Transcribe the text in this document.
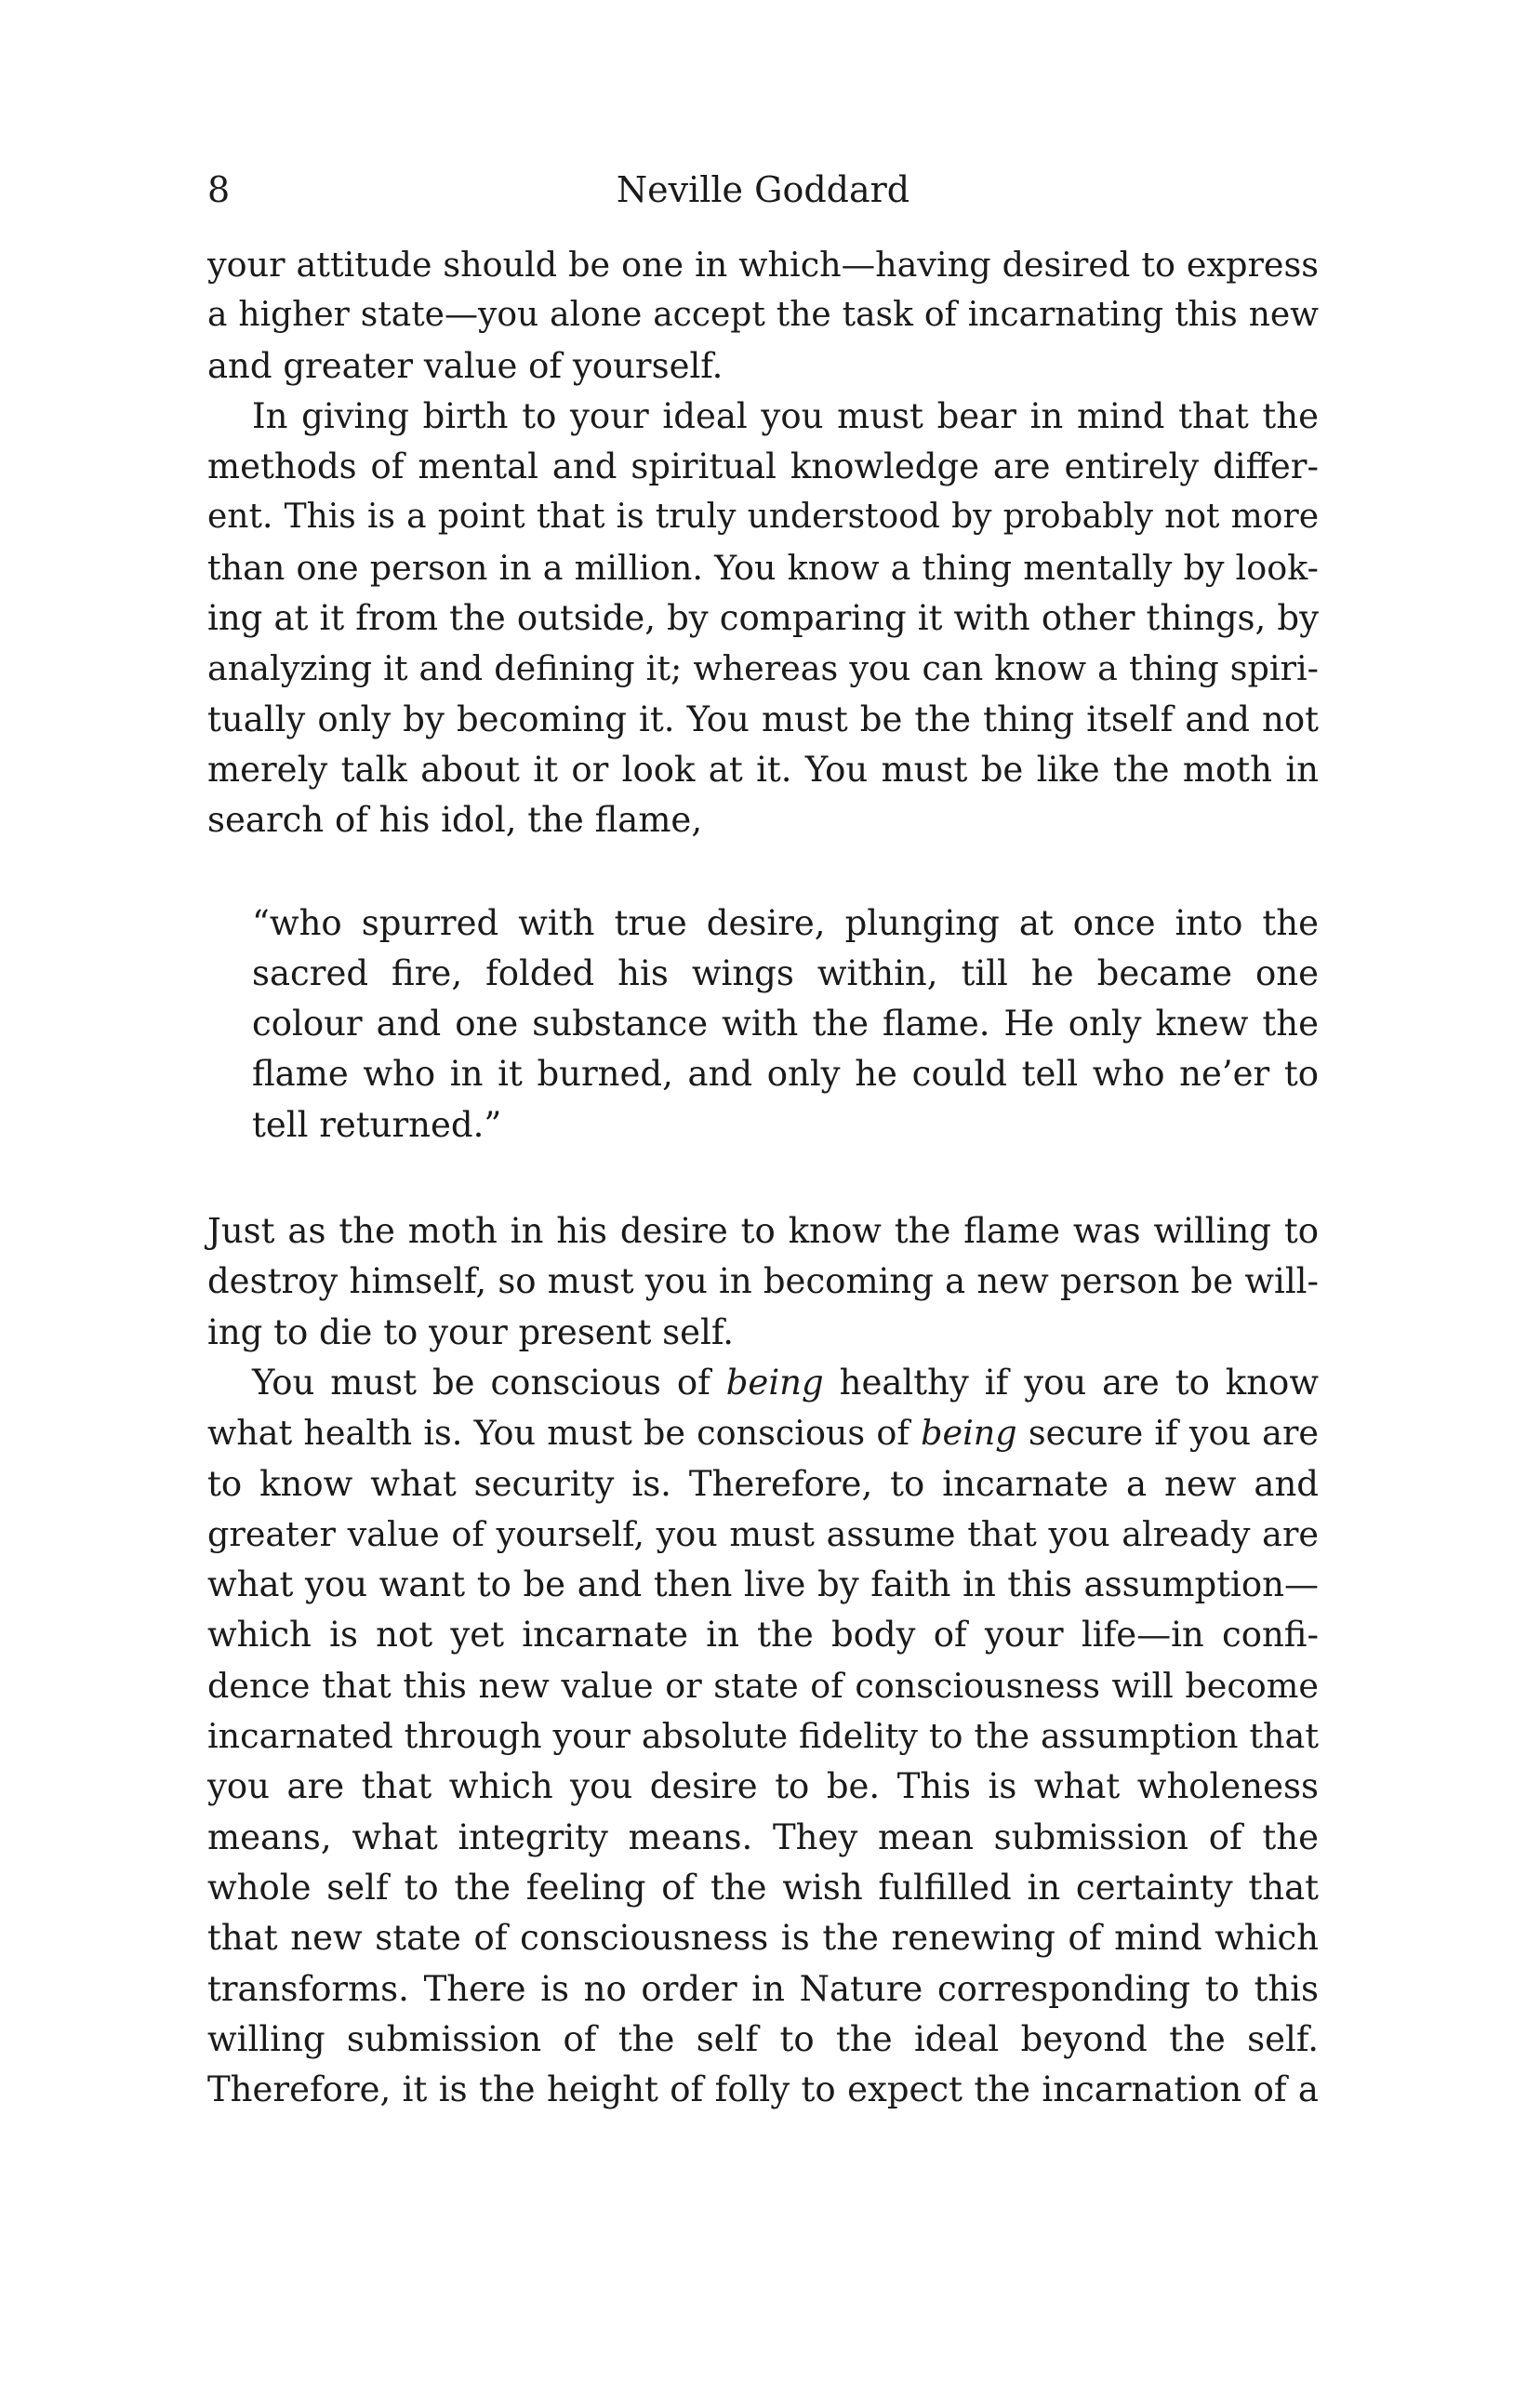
8	Neville Goddard
your attitude should be one in which—having desired to express
a higher state—you alone accept the task of incarnating this new
and greater value of yourself.
In giving birth to your ideal you must bear in mind that the
methods of mental and spiritual knowledge are entirely differ-
ent. This is a point that is truly understood by probably not more
than one person in a million. You know a thing mentally by look-
ing at it from the outside, by comparing it with other things, by
analyzing it and defining it; whereas you can know a thing spiri-
tually only by becoming it. You must be the thing itself and not
merely talk about it or look at it. You must be like the moth in
search of his idol, the flame,
“who spurred with true desire, plunging at once into the
sacred fire, folded his wings within, till he became one
colour and one substance with the flame. He only knew the
flame who in it burned, and only he could tell who ne’er to
tell returned.”
Just as the moth in his desire to know the flame was willing to
destroy himself, so must you in becoming a new person be will-
ing to die to your present self.
You must be conscious of being healthy if you are to know
what health is. You must be conscious of being secure if you are
to know what security is. Therefore, to incarnate a new and
greater value of yourself, you must assume that you already are
what you want to be and then live by faith in this assumption—
which is not yet incarnate in the body of your life—in confi-
dence that this new value or state of consciousness will become
incarnated through your absolute fidelity to the assumption that
you are that which you desire to be. This is what wholeness
means, what integrity means. They mean submission of the
whole self to the feeling of the wish fulfilled in certainty that
that new state of consciousness is the renewing of mind which
transforms. There is no order in Nature corresponding to this
willing submission of the self to the ideal beyond the self.
Therefore, it is the height of folly to expect the incarnation of a
